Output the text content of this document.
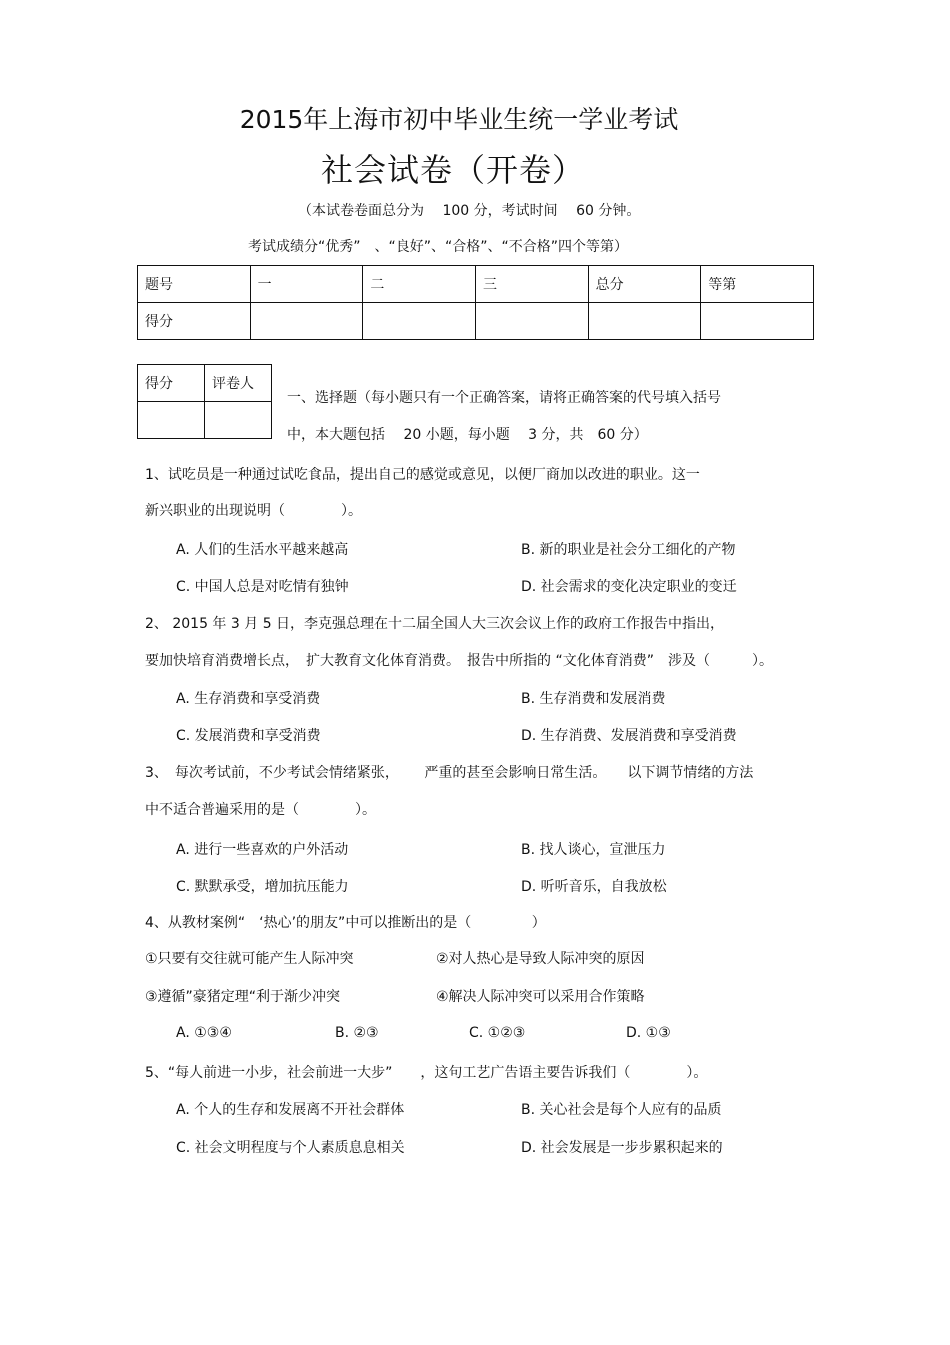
2015年上海市初中毕业生统一学业考试
社会试卷（开卷）
（本试卷卷面总分为　 100 分，考试时间　 60 分钟。
考试成绩分“优秀”　、“良好”、“合格”、“不合格”四个等第）
题号	一	二	三	总分	等第
得分					
得分	评卷人

一、选择题（每小题只有一个正确答案，请将正确答案的代号填入括号
中，本大题包括　 20 小题，每小题　 3 分，共　60 分）
1、试吃员是一种通过试吃食品，提出自己的感觉或意见，以便厂商加以改进的职业。这一
新兴职业的出现说明（　　　　）。
A. 人们的生活水平越来越高	B. 新的职业是社会分工细化的产物
C. 中国人总是对吃情有独钟	D. 社会需求的变化决定职业的变迁
2、 2015 年 3 月 5 日，李克强总理在十二届全国人大三次会议上作的政府工作报告中指出，
要加快培育消费增长点，　扩大教育文化体育消费。　报告中所指的 “文化体育消费”　涉及（　　　）。
A. 生存消费和享受消费	B. 生存消费和发展消费
C. 发展消费和享受消费	D. 生存消费、发展消费和享受消费
3、　每次考试前，不少考试会情绪紧张，　　 严重的甚至会影响日常生活。　　以下调节情绪的方法
中不适合普遍采用的是（　　　　）。
A. 进行一些喜欢的户外活动	B. 找人谈心，宣泄压力
C. 默默承受，增加抗压能力	D. 听听音乐，自我放松
4、从教材案例“　‘热心’的朋友”中可以推断出的是（　　　　 ）
①只要有交往就可能产生人际冲突	②对人热心是导致人际冲突的原因
③遵循”豪猪定理“利于渐少冲突	④解决人际冲突可以采用合作策略
A. ①③④	B. ②③	C. ①②③	D. ①③
5、“每人前进一小步，社会前进一大步”　　，这句工艺广告语主要告诉我们（　　　　）。
A. 个人的生存和发展离不开社会群体	B. 关心社会是每个人应有的品质
C. 社会文明程度与个人素质息息相关	D. 社会发展是一步步累积起来的
